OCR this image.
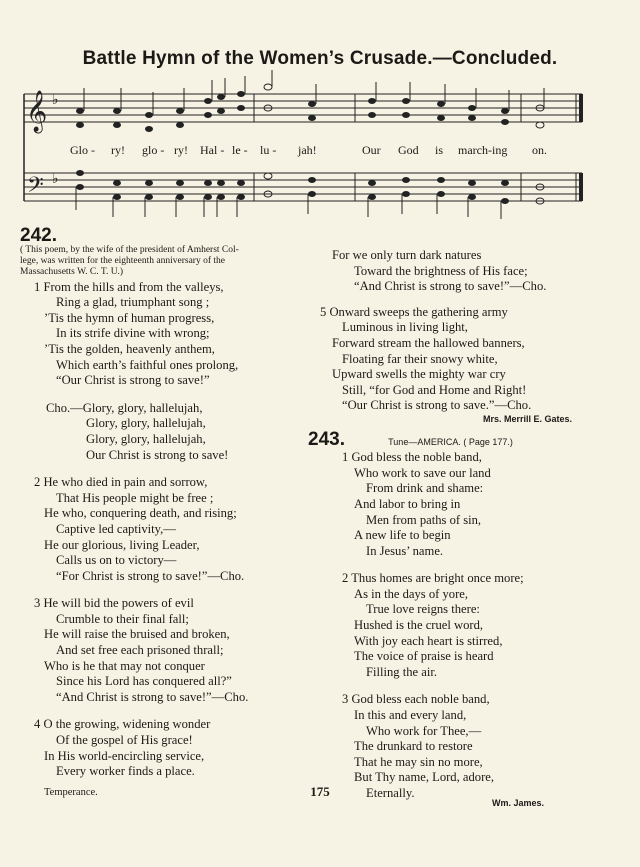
Battle Hymn of the Women’s Crusade.—Concluded.
𝄞
𝄢
♭
♭
Glo - ry! glo - ry! Hal - le - lu - jah!	Our God is march-ing on.
242.
( This poem, by the wife of the president of Amherst Col-
lege, was written for the eighteenth anniversary of the
Massachusetts W. C. T. U.)
1 From the hills and from the valleys,
Ring a glad, triumphant song ;
’Tis the hymn of human progress,
In its strife divine with wrong;
’Tis the golden, heavenly anthem,
Which earth’s faithful ones prolong,
“Our Christ is strong to save!”
Cho.—Glory, glory, hallelujah,
Glory, glory, hallelujah,
Glory, glory, hallelujah,
Our Christ is strong to save!
2 He who died in pain and sorrow,
That His people might be free ;
He who, conquering death, and rising;
Captive led captivity,—
He our glorious, living Leader,
Calls us on to victory—
“For Christ is strong to save!”—Cho.
3 He will bid the powers of evil
Crumble to their final fall;
He will raise the bruised and broken,
And set free each prisoned thrall;
Who is he that may not conquer
Since his Lord has conquered all?”
“And Christ is strong to save!”—Cho.
4 O the growing, widening wonder
Of the gospel of His grace!
In His world-encircling service,
Every worker finds a place.
For we only turn dark natures
Toward the brightness of His face;
“And Christ is strong to save!”—Cho.
5 Onward sweeps the gathering army
Luminous in living light,
Forward stream the hallowed banners,
Floating far their snowy white,
Upward swells the mighty war cry
Still, “for God and Home and Right!
“Our Christ is strong to save.”—Cho.
Mrs. Merrill E. Gates.
243.	Tune—AMERICA. ( Page 177.)
1 God bless the noble band,
Who work to save our land
From drink and shame:
And labor to bring in
Men from paths of sin,
A new life to begin
In Jesus’ name.
2 Thus homes are bright once more;
As in the days of yore,
True love reigns there:
Hushed is the cruel word,
With joy each heart is stirred,
The voice of praise is heard
Filling the air.
3 God bless each noble band,
In this and every land,
Who work for Thee,—
The drunkard to restore
That he may sin no more,
But Thy name, Lord, adore,
Eternally.
Wm. James.
Temperance.	175
